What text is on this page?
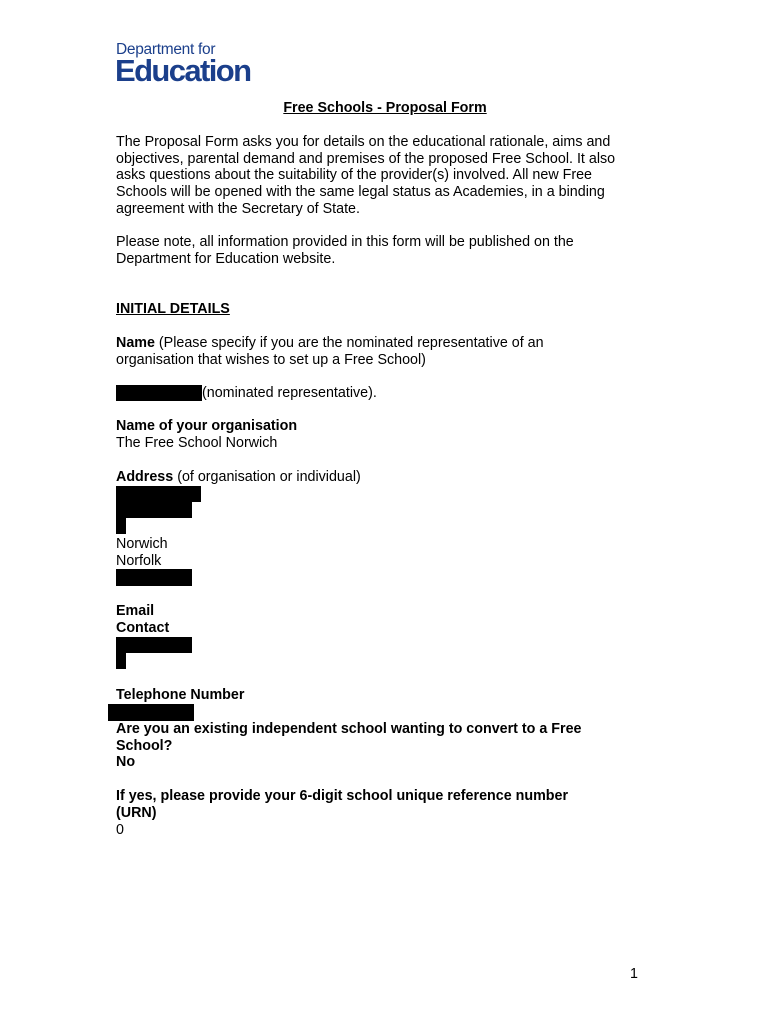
Department for
Education
Free Schools - Proposal Form
The Proposal Form asks you for details on the educational rationale, aims and
objectives, parental demand and premises of the proposed Free School. It also
asks questions about the suitability of the provider(s) involved. All new Free
Schools will be opened with the same legal status as Academies, in a binding
agreement with the Secretary of State.
Please note, all information provided in this form will be published on the
Department for Education website.
INITIAL DETAILS
Name (Please specify if you are the nominated representative of an
organisation that wishes to set up a Free School)
(nominated representative).
Name of your organisation
The Free School Norwich
Address (of organisation or individual)
Norwich
Norfolk
Email
Contact
Telephone Number
Are you an existing independent school wanting to convert to a Free
School?
No
If yes, please provide your 6-digit school unique reference number
(URN)
0
1
